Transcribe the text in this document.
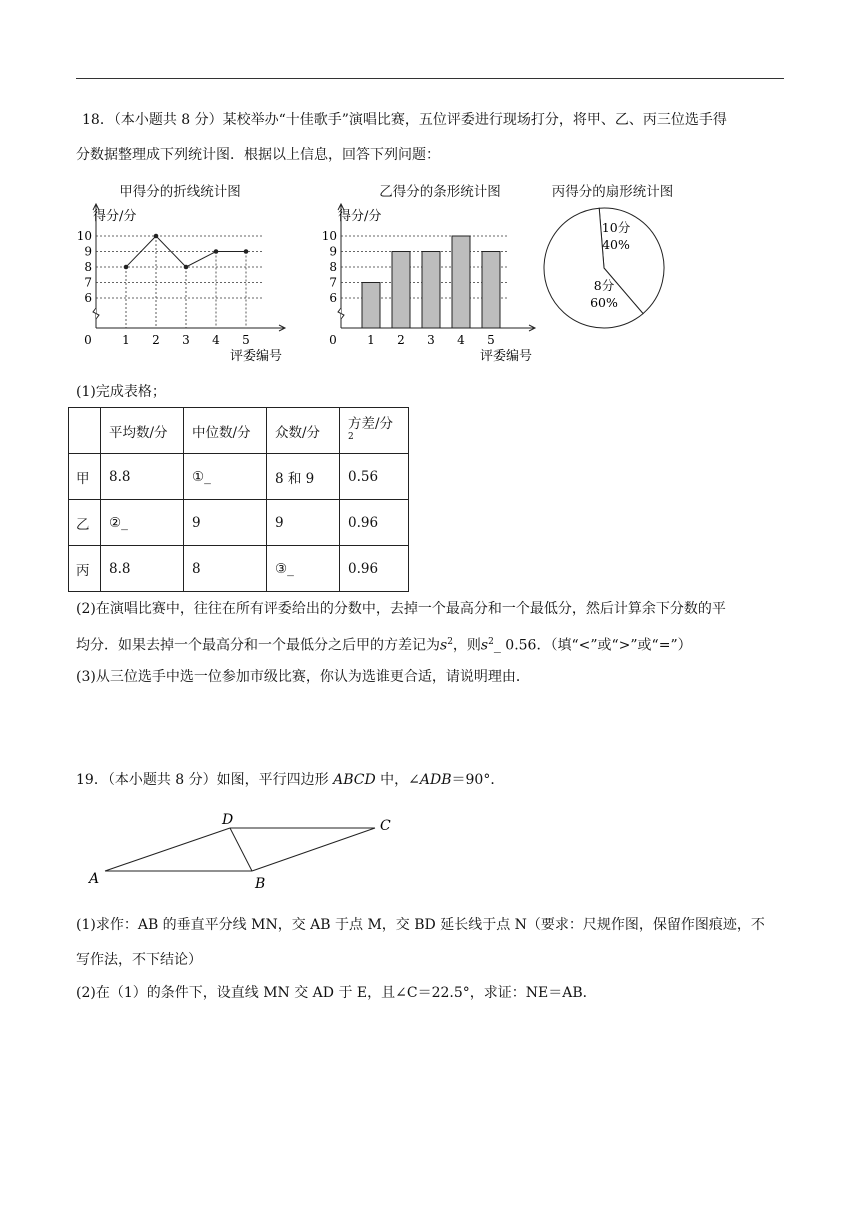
18．（本小题共 8 分）某校举办“十佳歌手”演唱比赛，五位评委进行现场打分，将甲、乙、丙三位选手得
分数据整理成下列统计图．根据以上信息，回答下列问题：
甲得分的折线统计图	乙得分的条形统计图	丙得分的扇形统计图
6
7
8
9
10
0	1 2 3 4 5
得分/分
评委编号
6
7
8
9
10
0	1 2 3 4 5
得分/分
评委编号
10分
40%
8分
60%
(1)完成表格；
	平均数/分	中位数/分	众数/分	方差/分 $^2$
甲	8.8	①_	8 和 9	0.56
乙	②_	9	9	0.96
丙	8.8	8	③_	0.96
(2)在演唱比赛中，往往在所有评委给出的分数中，去掉一个最高分和一个最低分，然后计算余下分数的平
均分．如果去掉一个最高分和一个最低分之后甲的方差记为$s^2$，则$s^2\_$ 0.56．（填“<”或“>”或“=”）
(3)从三位选手中选一位参加市级比赛，你认为选谁更合适，请说明理由．
19．（本小题共 8 分）如图，平行四边形 ABCD 中，∠ADB＝90°．
A	B
C
D
(1)求作：AB 的垂直平分线 MN，交 AB 于点 M，交 BD 延长线于点 N（要求：尺规作图，保留作图痕迹，不
写作法，不下结论）
(2)在（1）的条件下，设直线 MN 交 AD 于 E，且∠C＝22.5°，求证：NE＝AB．
